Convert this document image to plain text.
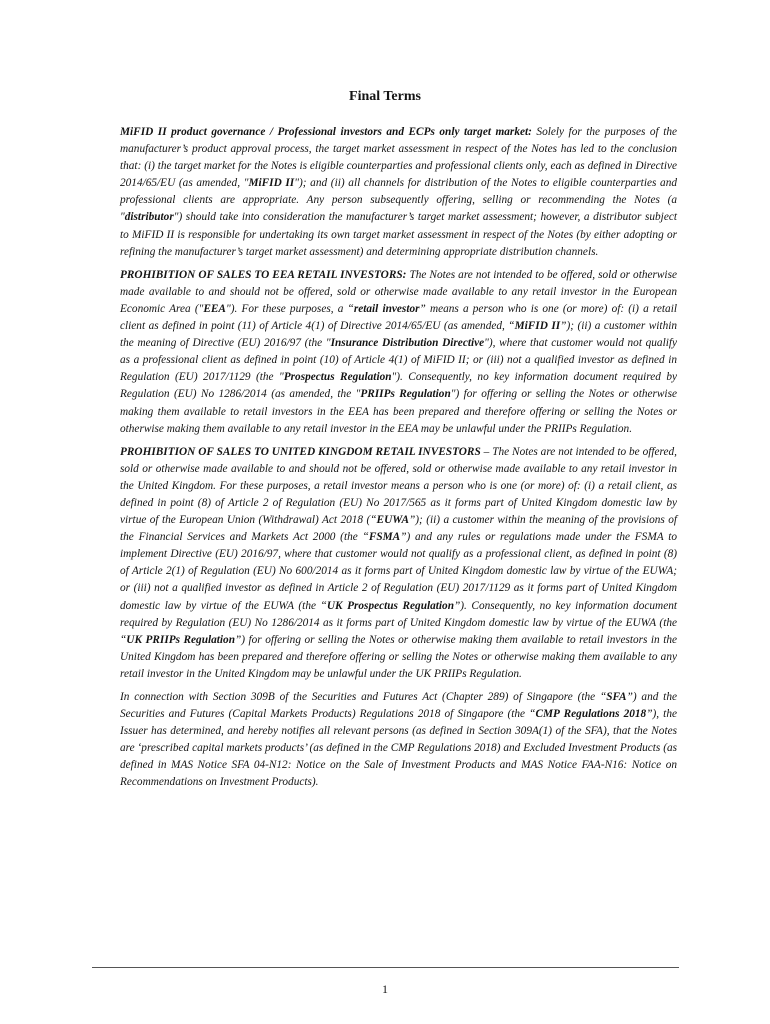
Final Terms

MiFID II product governance / Professional investors and ECPs only target market: Solely for the purposes of the manufacturer’s product approval process, the target market assessment in respect of the Notes has led to the conclusion that: (i) the target market for the Notes is eligible counterparties and professional clients only, each as defined in Directive 2014/65/EU (as amended, "MiFID II"); and (ii) all channels for distribution of the Notes to eligible counterparties and professional clients are appropriate. Any person subsequently offering, selling or recommending the Notes (a "distributor") should take into consideration the manufacturer’s target market assessment; however, a distributor subject to MiFID II is responsible for undertaking its own target market assessment in respect of the Notes (by either adopting or refining the manufacturer’s target market assessment) and determining appropriate distribution channels.

PROHIBITION OF SALES TO EEA RETAIL INVESTORS: The Notes are not intended to be offered, sold or otherwise made available to and should not be offered, sold or otherwise made available to any retail investor in the European Economic Area ("EEA"). For these purposes, a “retail investor” means a person who is one (or more) of: (i) a retail client as defined in point (11) of Article 4(1) of Directive 2014/65/EU (as amended, “MiFID II”); (ii) a customer within the meaning of Directive (EU) 2016/97 (the "Insurance Distribution Directive"), where that customer would not qualify as a professional client as defined in point (10) of Article 4(1) of MiFID II; or (iii) not a qualified investor as defined in Regulation (EU) 2017/1129 (the "Prospectus Regulation"). Consequently, no key information document required by Regulation (EU) No 1286/2014 (as amended, the "PRIIPs Regulation") for offering or selling the Notes or otherwise making them available to retail investors in the EEA has been prepared and therefore offering or selling the Notes or otherwise making them available to any retail investor in the EEA may be unlawful under the PRIIPs Regulation.

PROHIBITION OF SALES TO UNITED KINGDOM RETAIL INVESTORS – The Notes are not intended to be offered, sold or otherwise made available to and should not be offered, sold or otherwise made available to any retail investor in the United Kingdom. For these purposes, a retail investor means a person who is one (or more) of: (i) a retail client, as defined in point (8) of Article 2 of Regulation (EU) No 2017/565 as it forms part of United Kingdom domestic law by virtue of the European Union (Withdrawal) Act 2018 (“EUWA”); (ii) a customer within the meaning of the provisions of the Financial Services and Markets Act 2000 (the “FSMA”) and any rules or regulations made under the FSMA to implement Directive (EU) 2016/97, where that customer would not qualify as a professional client, as defined in point (8) of Article 2(1) of Regulation (EU) No 600/2014 as it forms part of United Kingdom domestic law by virtue of the EUWA; or (iii) not a qualified investor as defined in Article 2 of Regulation (EU) 2017/1129 as it forms part of United Kingdom domestic law by virtue of the EUWA (the “UK Prospectus Regulation”). Consequently, no key information document required by Regulation (EU) No 1286/2014 as it forms part of United Kingdom domestic law by virtue of the EUWA (the “UK PRIIPs Regulation”) for offering or selling the Notes or otherwise making them available to retail investors in the United Kingdom has been prepared and therefore offering or selling the Notes or otherwise making them available to any retail investor in the United Kingdom may be unlawful under the UK PRIIPs Regulation.

In connection with Section 309B of the Securities and Futures Act (Chapter 289) of Singapore (the “SFA”) and the Securities and Futures (Capital Markets Products) Regulations 2018 of Singapore (the “CMP Regulations 2018”), the Issuer has determined, and hereby notifies all relevant persons (as defined in Section 309A(1) of the SFA), that the Notes are ‘prescribed capital markets products’ (as defined in the CMP Regulations 2018) and Excluded Investment Products (as defined in MAS Notice SFA 04-N12: Notice on the Sale of Investment Products and MAS Notice FAA-N16: Notice on Recommendations on Investment Products).

1
